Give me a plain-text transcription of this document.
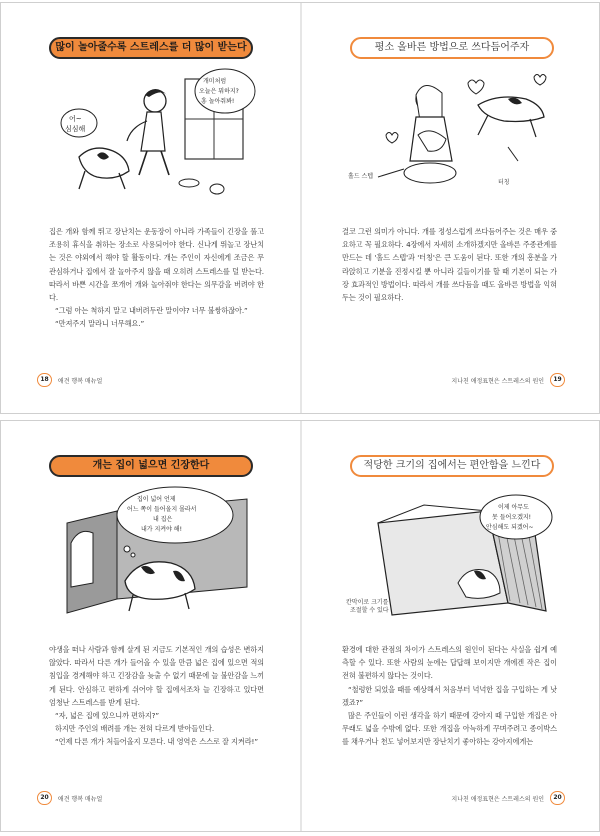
많이 놀아줄수록 스트레스를 더 많이 받는다
어~
심심해
개미처럼
오늘은 뭐하지?
흥 놀아줘봐!

집은 개와 함께 뛰고 장난치는 운동장이 아니라 가족들이 긴장을 풀고 조용히 휴식을 취하는 장소로 사용되어야 한다. 신나게 뛰놀고 장난치는 것은 야외에서 해야 할 활동이다. 개는 주인이 자신에게 조금은 무관심하거나 집에서 잘 놀아주지 않을 때 오히려 스트레스를 덜 받는다. 따라서 바쁜 시간을 쪼개어 개와 놀아줘야 한다는 의무감을 버려야 한다.

“그럼 아는 척하지 말고 내버려두란 말이야? 너무 불쌍하잖아.”

“만져주지 말라니 너무해요.”

18 애견 행복 매뉴얼
평소 올바른 방법으로 쓰다듬어주자
홀드 스텝
터칭

결코 그런 의미가 아니다. 개를 정성스럽게 쓰다듬어주는 것은 매우 중요하고 꼭 필요하다. 4장에서 자세히 소개하겠지만 올바른 주종관계를 만드는 데 '홀드 스텝'과 '터칭'은 큰 도움이 된다. 또한 개의 흥분을 가라앉히고 기분을 진정시킬 뿐 아니라 길들이기를 할 때 기본이 되는 가장 효과적인 방법이다. 따라서 개를 쓰다듬을 때도 올바른 방법을 익혀두는 것이 필요하다.

지나친 애정표현은 스트레스의 원인 19
개는 집이 넓으면 긴장한다
집이 넓어 언제
어느 쪽이 들어올지 몰라서
내 집은
내가 지켜야 해!

야생을 떠나 사람과 함께 살게 된 지금도 기본적인 개의 습성은 변하지 않았다. 따라서 다른 개가 들어올 수 있을 만큼 넓은 집에 있으면 적의 침입을 경계해야 하고 긴장감을 늦출 수 없기 때문에 늘 불안감을 느끼게 된다. 안심하고 편하게 쉬어야 할 집에서조차 늘 긴장하고 있다면 엄청난 스트레스를 받게 된다.

“자, 넓은 집에 있으니까 편하지?”

하지만 주인의 배려를 개는 전혀 다르게 받아들인다.

“언제 다른 개가 처들어올지 모른다. 내 영역은 스스로 잘 지켜라!”

20 애견 행복 매뉴얼
적당한 크기의 집에서는 편안함을 느낀다
이제 아무도
못 들어오겠지!
안심해도 되겠어~
칸막이로 크기를
조절할 수 있다

환경에 대한 관점의 차이가 스트레스의 원인이 된다는 사실을 쉽게 예측할 수 있다. 또한 사람의 눈에는 답답해 보이지만 개에겐 작은 집이 전혀 불편하지 않다는 것이다.

“철렁한 되었을 때를 예상해서 처음부터 넉넉한 집을 구입하는 게 낫겠죠?”

많은 주인들이 이런 생각을 하기 때문에 강아지 때 구입한 개집은 아무래도 넓을 수밖에 없다. 또한 개집을 아늑하게 꾸며주려고 종이박스를 채우거나 천도 넣어보지만 장난치기 좋아하는 강아지에게는

지나친 애정표현은 스트레스의 원인 20
